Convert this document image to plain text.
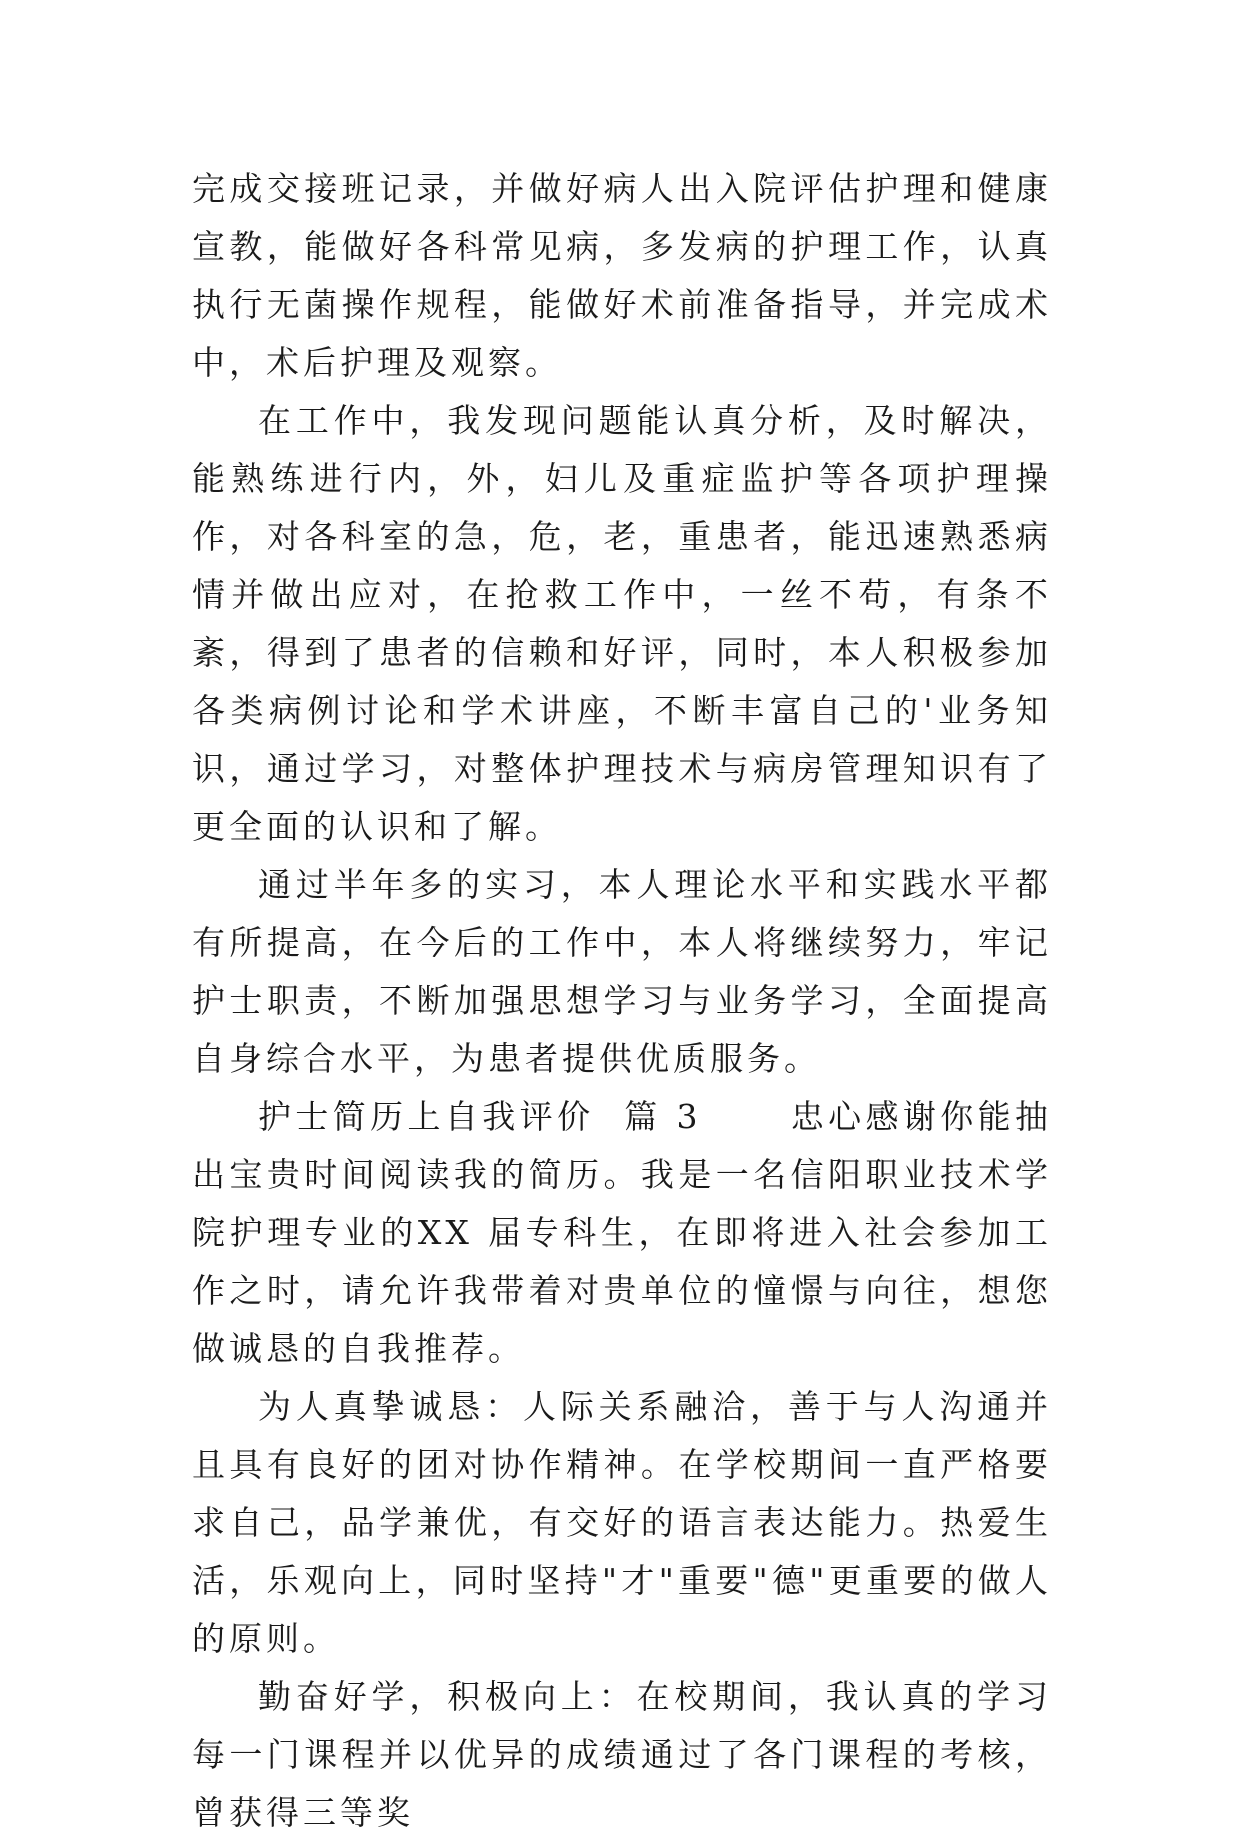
完成交接班记录，并做好病人出入院评估护理和健康宣教，能做好各科常见病，多发病的护理工作，认真执行无菌操作规程，能做好术前准备指导，并完成术中，术后护理及观察。

在工作中，我发现问题能认真分析，及时解决，能熟练进行内，外，妇儿及重症监护等各项护理操作，对各科室的急，危，老，重患者，能迅速熟悉病情并做出应对，在抢救工作中，一丝不苟，有条不紊，得到了患者的信赖和好评，同时，本人积极参加各类病例讨论和学术讲座，不断丰富自己的'业务知识，通过学习，对整体护理技术与病房管理知识有了更全面的认识和了解。

通过半年多的实习，本人理论水平和实践水平都有所提高，在今后的工作中，本人将继续努力，牢记护士职责，不断加强思想学习与业务学习，全面提高自身综合水平，为患者提供优质服务。

护士简历上自我评价  篇 3      忠心感谢你能抽出宝贵时间阅读我的简历。我是一名信阳职业技术学院护理专业的XX 届专科生，在即将进入社会参加工作之时，请允许我带着对贵单位的憧憬与向往，想您做诚恳的自我推荐。

为人真挚诚恳：人际关系融洽，善于与人沟通并且具有良好的团对协作精神。在学校期间一直严格要求自己，品学兼优，有交好的语言表达能力。热爱生活，乐观向上，同时坚持"才"重要"德"更重要的做人的原则。

勤奋好学，积极向上：在校期间，我认真的学习每一门课程并以优异的成绩通过了各门课程的考核，曾获得三等奖
